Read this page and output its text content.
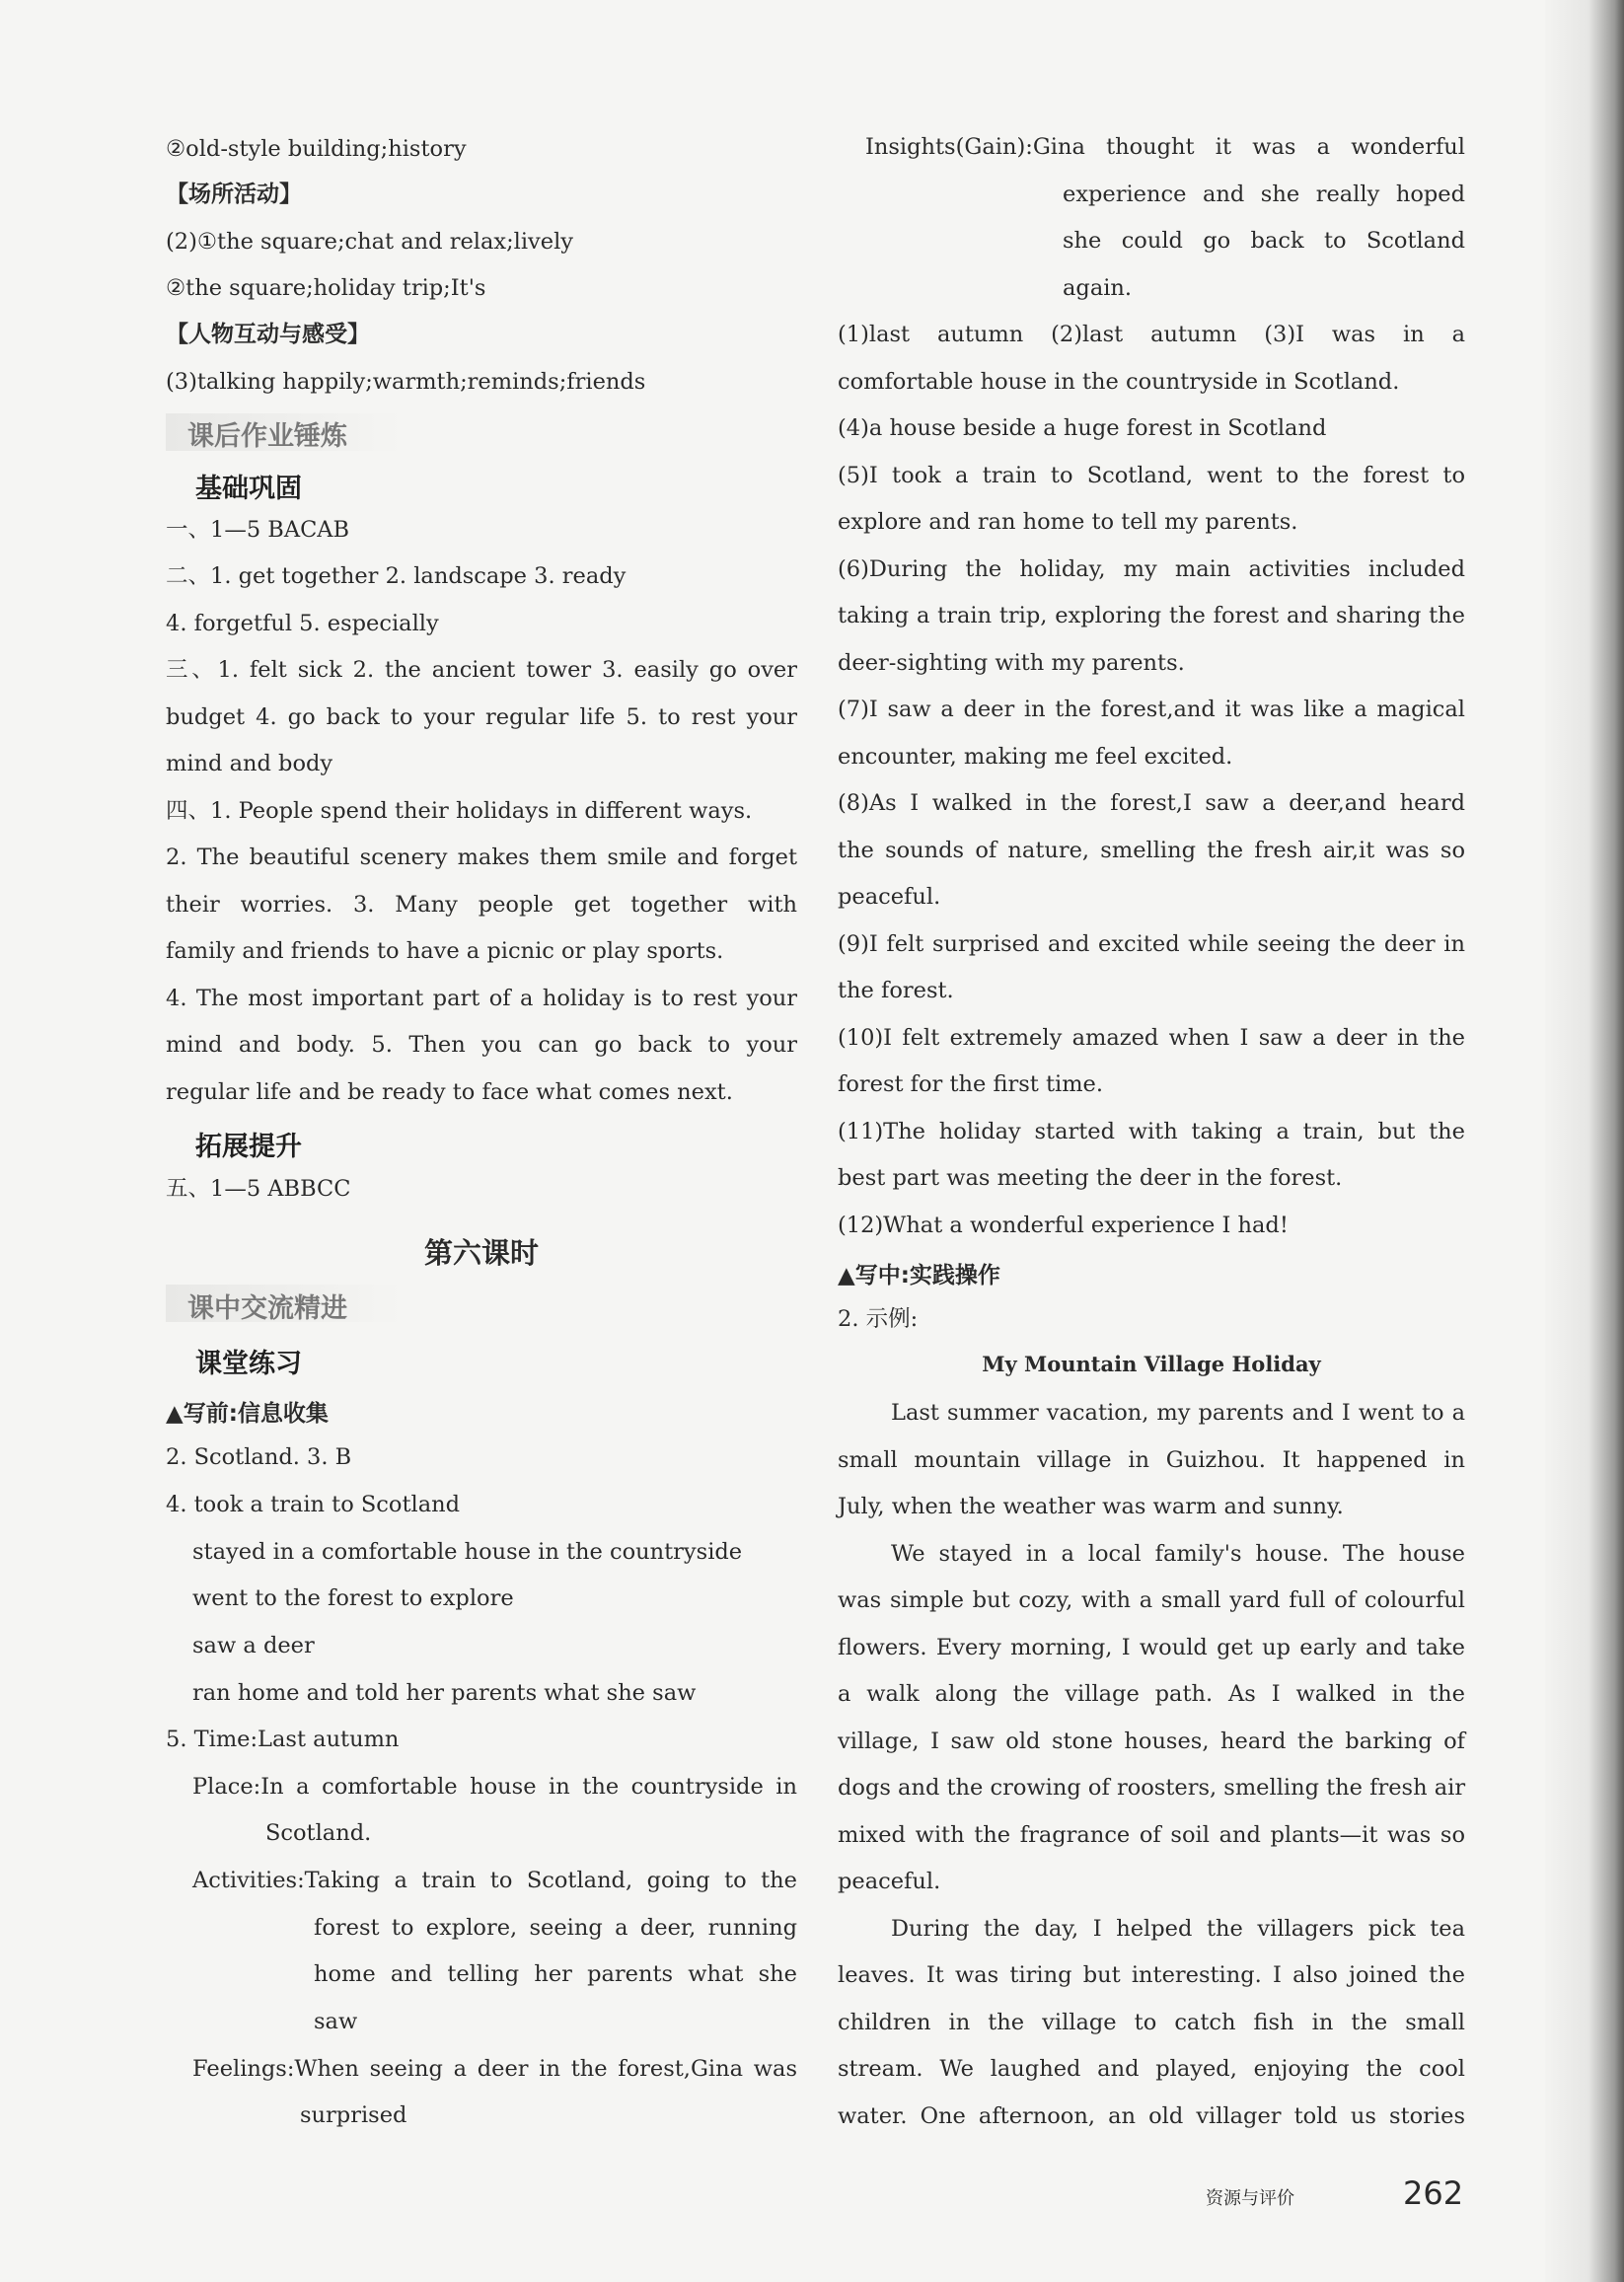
②old-style building;history
【场所活动】
(2)①the square;chat and relax;lively
②the square;holiday trip;It's
【人物互动与感受】
(3)talking happily;warmth;reminds;friends
课后作业锤炼
基础巩固
一、1—5 BACAB
二、1. get together 2. landscape 3. ready
4. forgetful 5. especially
三、1. felt sick 2. the ancient tower 3. easily go over
budget 4. go back to your regular life 5. to rest your
mind and body
四、1. People spend their holidays in different ways.
2. The beautiful scenery makes them smile and forget
their worries. 3. Many people get together with
family and friends to have a picnic or play sports.
4. The most important part of a holiday is to rest your
mind and body. 5. Then you can go back to your
regular life and be ready to face what comes next.
拓展提升
五、1—5 ABBCC
第六课时
课中交流精进
课堂练习
▲写前:信息收集
2. Scotland. 3. B
4. took a train to Scotland
stayed in a comfortable house in the countryside
went to the forest to explore
saw a deer
ran home and told her parents what she saw
5. Time:Last autumn
Place:In a comfortable house in the countryside in
Scotland.
Activities:Taking a train to Scotland, going to the
forest to explore, seeing a deer, running
home and telling her parents what she
saw
Feelings:When seeing a deer in the forest,Gina was
surprised
Insights(Gain):Gina thought it was a wonderful
experience and she really hoped
she could go back to Scotland
again.
(1)last autumn (2)last autumn (3)I was in a
comfortable house in the countryside in Scotland.
(4)a house beside a huge forest in Scotland
(5)I took a train to Scotland, went to the forest to
explore and ran home to tell my parents.
(6)During the holiday, my main activities included
taking a train trip, exploring the forest and sharing the
deer-sighting with my parents.
(7)I saw a deer in the forest,and it was like a magical
encounter, making me feel excited.
(8)As I walked in the forest,I saw a deer,and heard
the sounds of nature, smelling the fresh air,it was so
peaceful.
(9)I felt surprised and excited while seeing the deer in
the forest.
(10)I felt extremely amazed when I saw a deer in the
forest for the first time.
(11)The holiday started with taking a train, but the
best part was meeting the deer in the forest.
(12)What a wonderful experience I had!
▲写中:实践操作
2. 示例:
My Mountain Village Holiday
Last summer vacation, my parents and I went to a
small mountain village in Guizhou. It happened in
July, when the weather was warm and sunny.
We stayed in a local family's house. The house
was simple but cozy, with a small yard full of colourful
flowers. Every morning, I would get up early and take
a walk along the village path. As I walked in the
village, I saw old stone houses, heard the barking of
dogs and the crowing of roosters, smelling the fresh air
mixed with the fragrance of soil and plants—it was so
peaceful.
During the day, I helped the villagers pick tea
leaves. It was tiring but interesting. I also joined the
children in the village to catch fish in the small
stream. We laughed and played, enjoying the cool
water. One afternoon, an old villager told us stories
资源与评价	262
